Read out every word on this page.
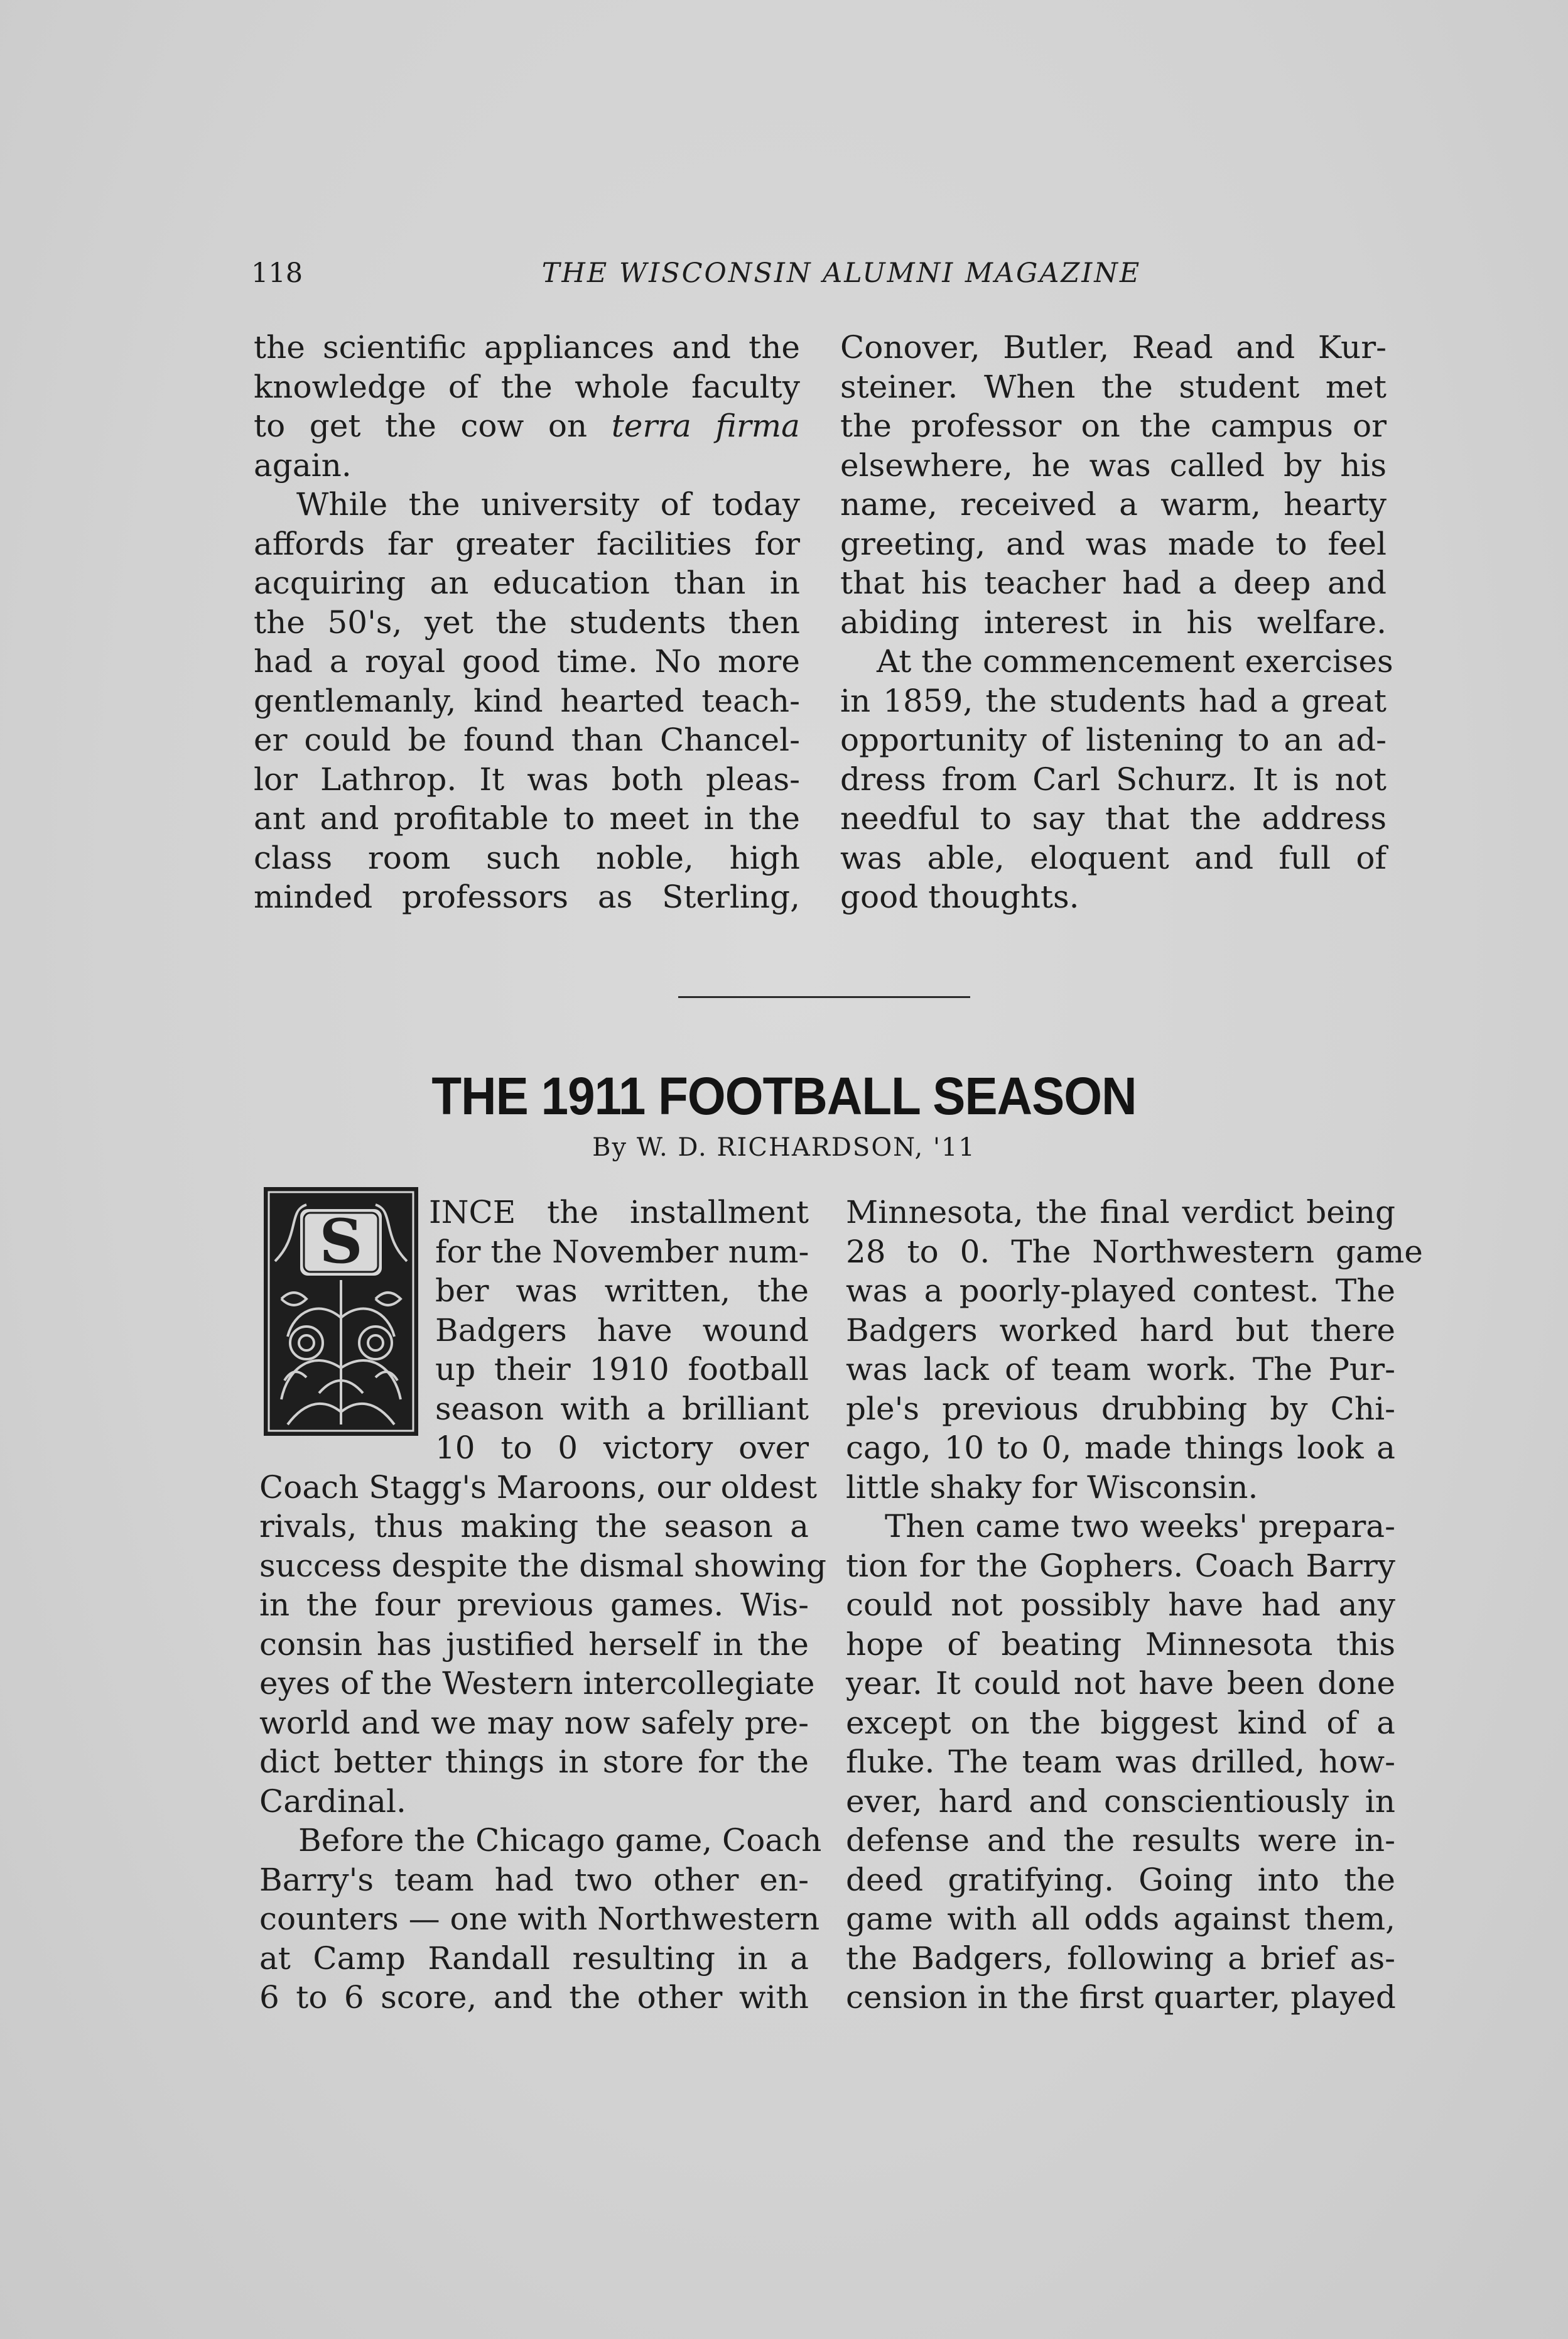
118	THE WISCONSIN ALUMNI MAGAZINE
the scientific appliances and the
knowledge of the whole faculty
to get the cow on terra firma
again.
While the university of today
affords far greater facilities for
acquiring an education than in
the 50's, yet the students then
had a royal good time. No more
gentlemanly, kind hearted teach-
er could be found than Chancel-
lor Lathrop. It was both pleas-
ant and profitable to meet in the
class room such noble, high
minded professors as Sterling,
Conover, Butler, Read and Kur-
steiner. When the student met
the professor on the campus or
elsewhere, he was called by his
name, received a warm, hearty
greeting, and was made to feel
that his teacher had a deep and
abiding interest in his welfare.
At the commencement exercises
in 1859, the students had a great
opportunity of listening to an ad-
dress from Carl Schurz. It is not
needful to say that the address
was able, eloquent and full of
good thoughts.
THE 1911 FOOTBALL SEASON
By W. D. RICHARDSON, '11
S	INCE the installment
for the November num-
ber was written, the
Badgers have wound
up their 1910 football
season with a brilliant
10 to 0 victory over
Coach Stagg's Maroons, our oldest
rivals, thus making the season a
success despite the dismal showing
in the four previous games. Wis-
consin has justified herself in the
eyes of the Western intercollegiate
world and we may now safely pre-
dict better things in store for the
Cardinal.
Before the Chicago game, Coach
Barry's team had two other en-
counters — one with Northwestern
at Camp Randall resulting in a
6 to 6 score, and the other with
Minnesota, the final verdict being
28 to 0. The Northwestern game
was a poorly-played contest. The
Badgers worked hard but there
was lack of team work. The Pur-
ple's previous drubbing by Chi-
cago, 10 to 0, made things look a
little shaky for Wisconsin.
Then came two weeks' prepara-
tion for the Gophers. Coach Barry
could not possibly have had any
hope of beating Minnesota this
year. It could not have been done
except on the biggest kind of a
fluke. The team was drilled, how-
ever, hard and conscientiously in
defense and the results were in-
deed gratifying. Going into the
game with all odds against them,
the Badgers, following a brief as-
cension in the first quarter, played
